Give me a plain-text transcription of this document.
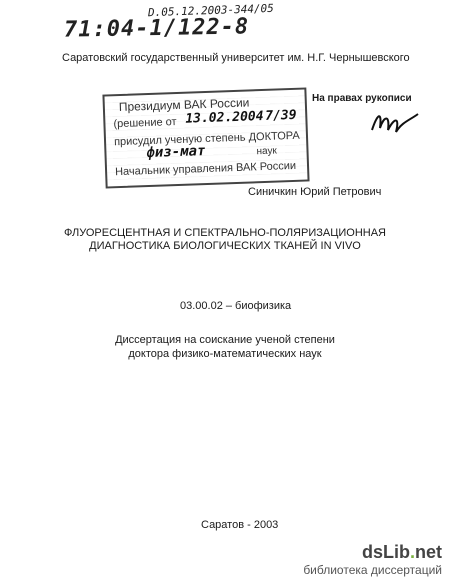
D.05.12.2003-344/05
71:04-1/122-8
Саратовский государственный университет им. Н.Г. Чернышевского
На правах рукописи
Президиум ВАК России
(решение от 13.02.2004 7/39
присудил ученую степень ДОКТОРА
физ-мат	наук
Начальник управления ВАК России
Синичкин Юрий Петрович
ФЛУОРЕСЦЕНТНАЯ И СПЕКТРАЛЬНО-ПОЛЯРИЗАЦИОННАЯ
ДИАГНОСТИКА БИОЛОГИЧЕСКИХ ТКАНЕЙ IN VIVO
03.00.02 – биофизика
Диссертация на соискание ученой степени
доктора физико-математических наук
Саратов - 2003
dsLib.net
библиотека диссертаций
